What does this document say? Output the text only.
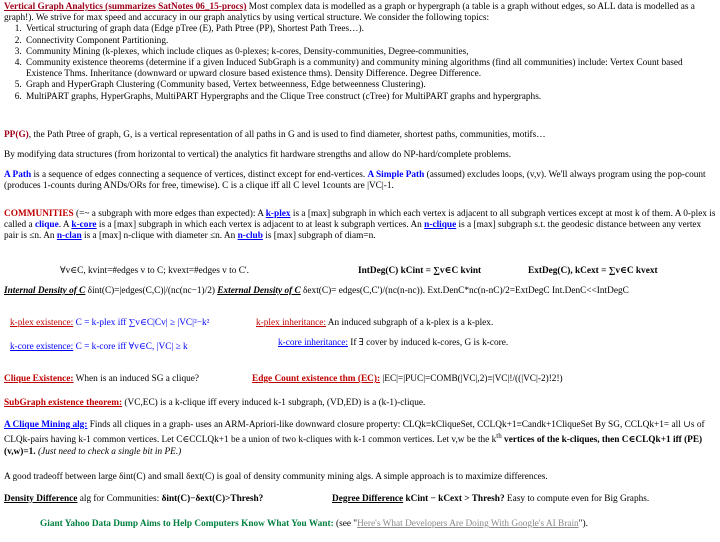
Vertical Graph Analytics (summarizes SatNotes 06_15-procs) Most complex data is modelled as a graph or hypergraph (a table is a graph without edges, so ALL data is modelled as a graph!). We strive for max speed and accuracy in our graph analytics by using vertical structure. We consider the following topics:

1. Vertical structuring of graph data (Edge pTree (E), Path Ptree (PP), Shortest Path Trees…).
2. Connectivity Component Partitioning.
3. Community Mining (k-plexes, which include cliques as 0-plexes; k-cores, Density-communities, Degree-communities,
4. Community existence theorems (determine if a given Induced SubGraph is a community) and community mining algorithms (find all communities) include: Vertex Count based Existence Thms. Inheritance (downward or upward closure based existence thms). Density Difference. Degree Difference.
5. Graph and HyperGraph Clustering (Community based, Vertex betweenness, Edge betweenness Clustering).
6. MultiPART graphs, HyperGraphs, MultiPART Hypergraphs and the Clique Tree construct (cTree) for MultiPART graphs and hypergraphs.

PP(G), the Path Ptree of graph, G, is a vertical representation of all paths in G and is used to find diameter, shortest paths, communities, motifs…

By modifying data structures (from horizontal to vertical) the analytics fit hardware strengths and allow do NP-hard/complete problems.

A Path is a sequence of edges connecting a sequence of vertices, distinct except for end-vertices. A Simple Path (assumed) excludes loops, (v,v). We'll always program using the pop-count (produces 1-counts during ANDs/ORs for free, timewise). C is a clique iff all C level 1counts are |VC|-1.

COMMUNITIES (=~ a subgraph with more edges than expected): A k-plex is a [max] subgraph in which each vertex is adjacent to all subgraph vertices except at most k of them. A 0-plex is called a clique. A k-core is a [max] subgraph in which each vertex is adjacent to at least k subgraph vertices. An n-clique is a [max] subgraph s.t. the geodesic distance between any vertex pair is ≤n. An n-clan is a [max] n-clique with diameter ≤n. An n-club is [max] subgraph of diam=n.

∀v∈C, kvint=#edges v to C; kvext=#edges v to C'.	IntDeg(C) kCint = ∑v∈C kvint	ExtDeg(C), kCext = ∑v∈C kvext
Internal Density of C δint(C)=|edges(C,C)|/(nc(nc−1)/2) External Density of C δext(C)= edges(C,C')/(nc(n-nc)). Ext.DenC*nc(n-nC)/2=ExtDegC Int.DenC<<IntDegC
k-plex existence: C = k-plex iff ∑v∈C|Cv| ≥ |VC|²−k²	k-plex inheritance: An induced subgraph of a k-plex is a k-plex.
k-core existence: C = k-core iff ∀v∈C, |VC| ≥ k	k-core inheritance: If ∃ cover by induced k-cores, G is k-core.
Clique Existence: When is an induced SG a clique?	Edge Count existence thm (EC): |EC|=|PUC|=COMB(|VC|,2)≡|VC|!/((|VC|-2)!2!)
SubGraph existence theorem: (VC,EC) is a k-clique iff every induced k-1 subgraph, (VD,ED) is a (k-1)-clique.

A Clique Mining alg: Finds all cliques in a graph- uses an ARM-Apriori-like downward closure property: CLQk≡kCliqueSet, CCLQk+1≡Candk+1CliqueSet By SG, CCLQk+1= all ∪s of CLQk-pairs having k-1 common vertices. Let C∈CCLQk+1 be a union of two k-cliques with k-1 common vertices. Let v,w be the $k^{th}$ vertices of the k-cliques, then C∈CLQk+1 iff (PE)(v,w)=1. (Just need to check a single bit in PE.)

A good tradeoff between large δint(C) and small δext(C) is goal of density community mining algs. A simple approach is to maximize differences.

Density Difference alg for Communities: δint(C)−δext(C)>Thresh?	Degree Difference kCint − kCext > Thresh? Easy to compute even for Big Graphs.
Giant Yahoo Data Dump Aims to Help Computers Know What You Want: (see "Here's What Developers Are Doing With Google's AI Brain").
